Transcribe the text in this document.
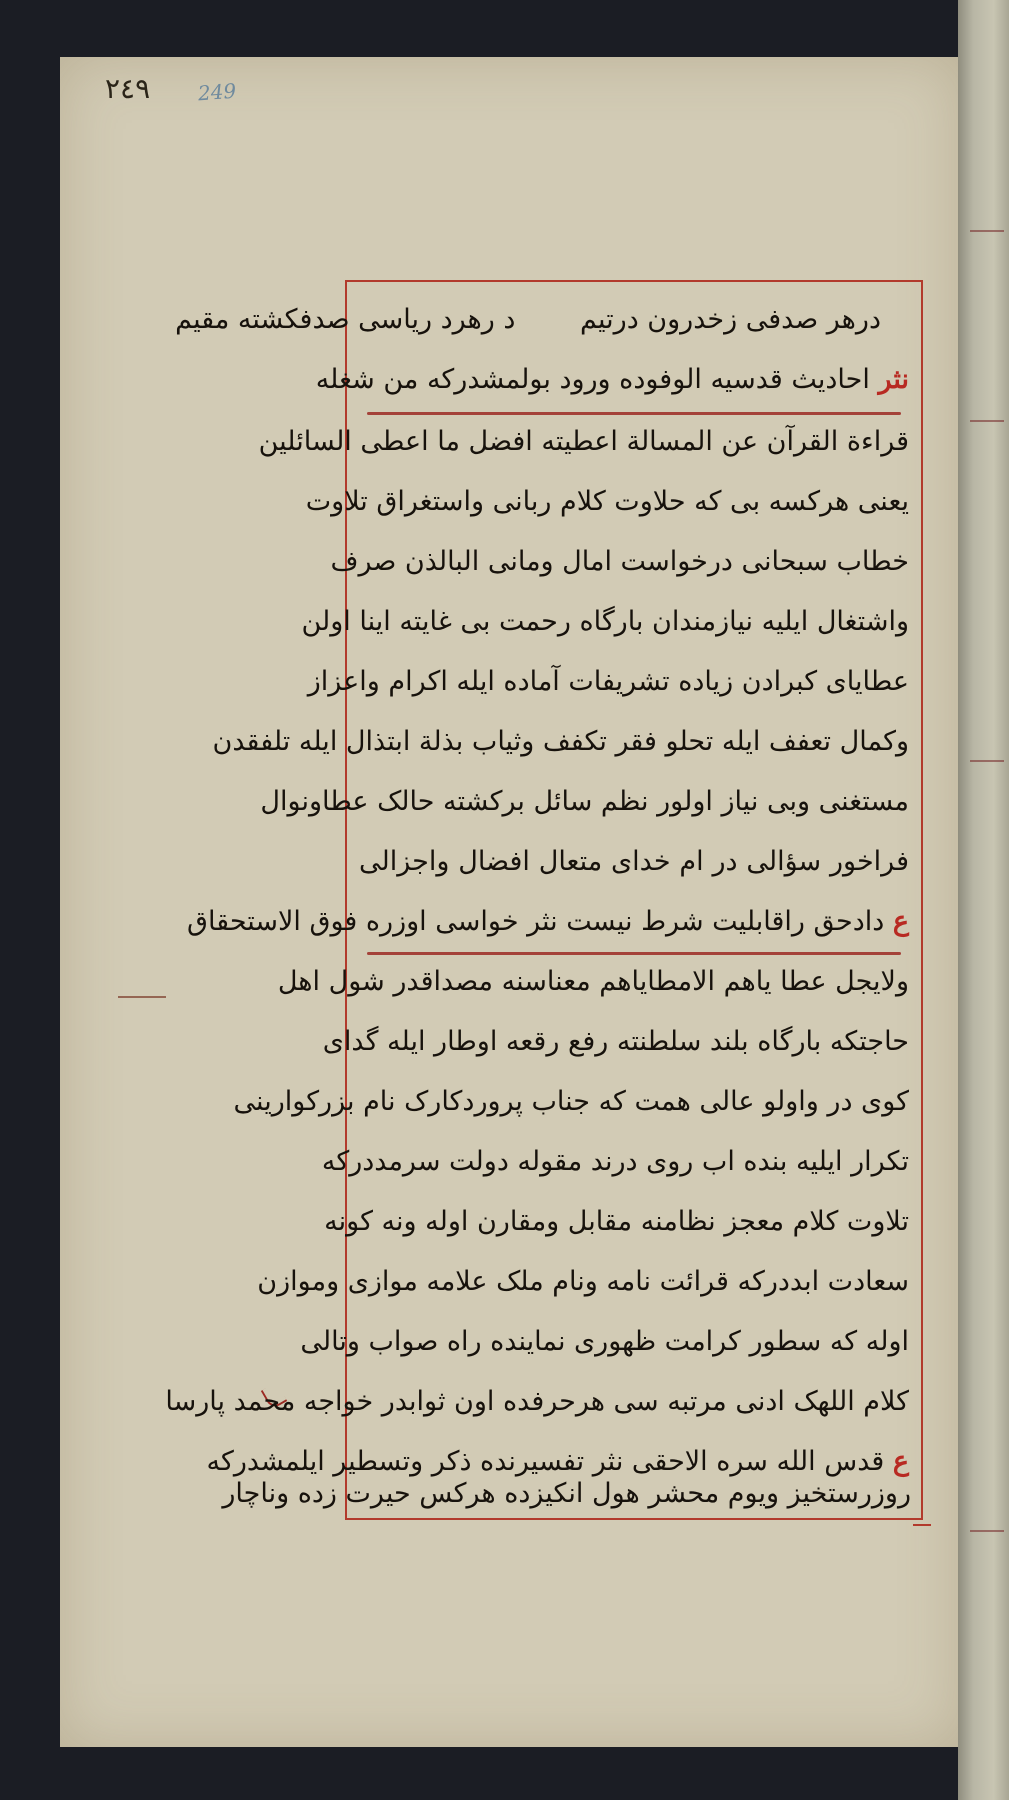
٢٤٩ 249
درهر صدفی زخدرون درتیم د رهرد ریاسی صدفکشته مقیم
نثر احادیث قدسیه الوفوده ورود بولمشدرکه من شغله
قراءة القرآن عن المسالة اعطیته افضل ما اعطی السائلین
یعنی هرکسه بی که حلاوت کلام ربانی واستغراق تلاوت
خطاب سبحانی درخواست امال ومانی البالذن صرف
واشتغال ایلیه نیازمندان بارگاه رحمت بی غایته اینا اولن
عطایای کبرادن زیاده تشریفات آماده ایله اکرام واعزاز
وکمال تعفف ایله تحلو فقر تکفف وثیاب بذلة ابتذال ایله تلفقدن
مستغنی وبی نیاز اولور نظم سائل برکشته حالک عطاونوال
فراخور سؤالی در ام خدای متعال افضال واجزالی
ع دادحق راقابلیت شرط نیست نثر خواسی اوزره فوق الاستحقاق
ولایجل عطا یاهم الامطایاهم معناسنه مصداقدر شول اهل
حاجتکه بارگاه بلند سلطنته رفع رقعه اوطار ایله گدای
کوی در واولو عالی همت که جناب پروردکارک نام بزرکوارینی
تکرار ایلیه بنده اب روی درند مقوله دولت سرمددرکه
تلاوت کلام معجز نظامنه مقابل ومقارن اوله ونه کونه
سعادت ابددرکه قرائت نامه ونام ملک علامه موازی وموازن
اوله که سطور کرامت ظهوری نماینده راه صواب وتالی
کلام اللهک ادنی مرتبه سی هرحرفده اون ثوابدر خواجه محمد پارسا
ع قدس الله سره الاحقی نثر تفسیرنده ذکر وتسطیر ایلمشدرکه
روزرستخیز ویوم محشر هول انکیزده هرکس حیرت زده وناچار
